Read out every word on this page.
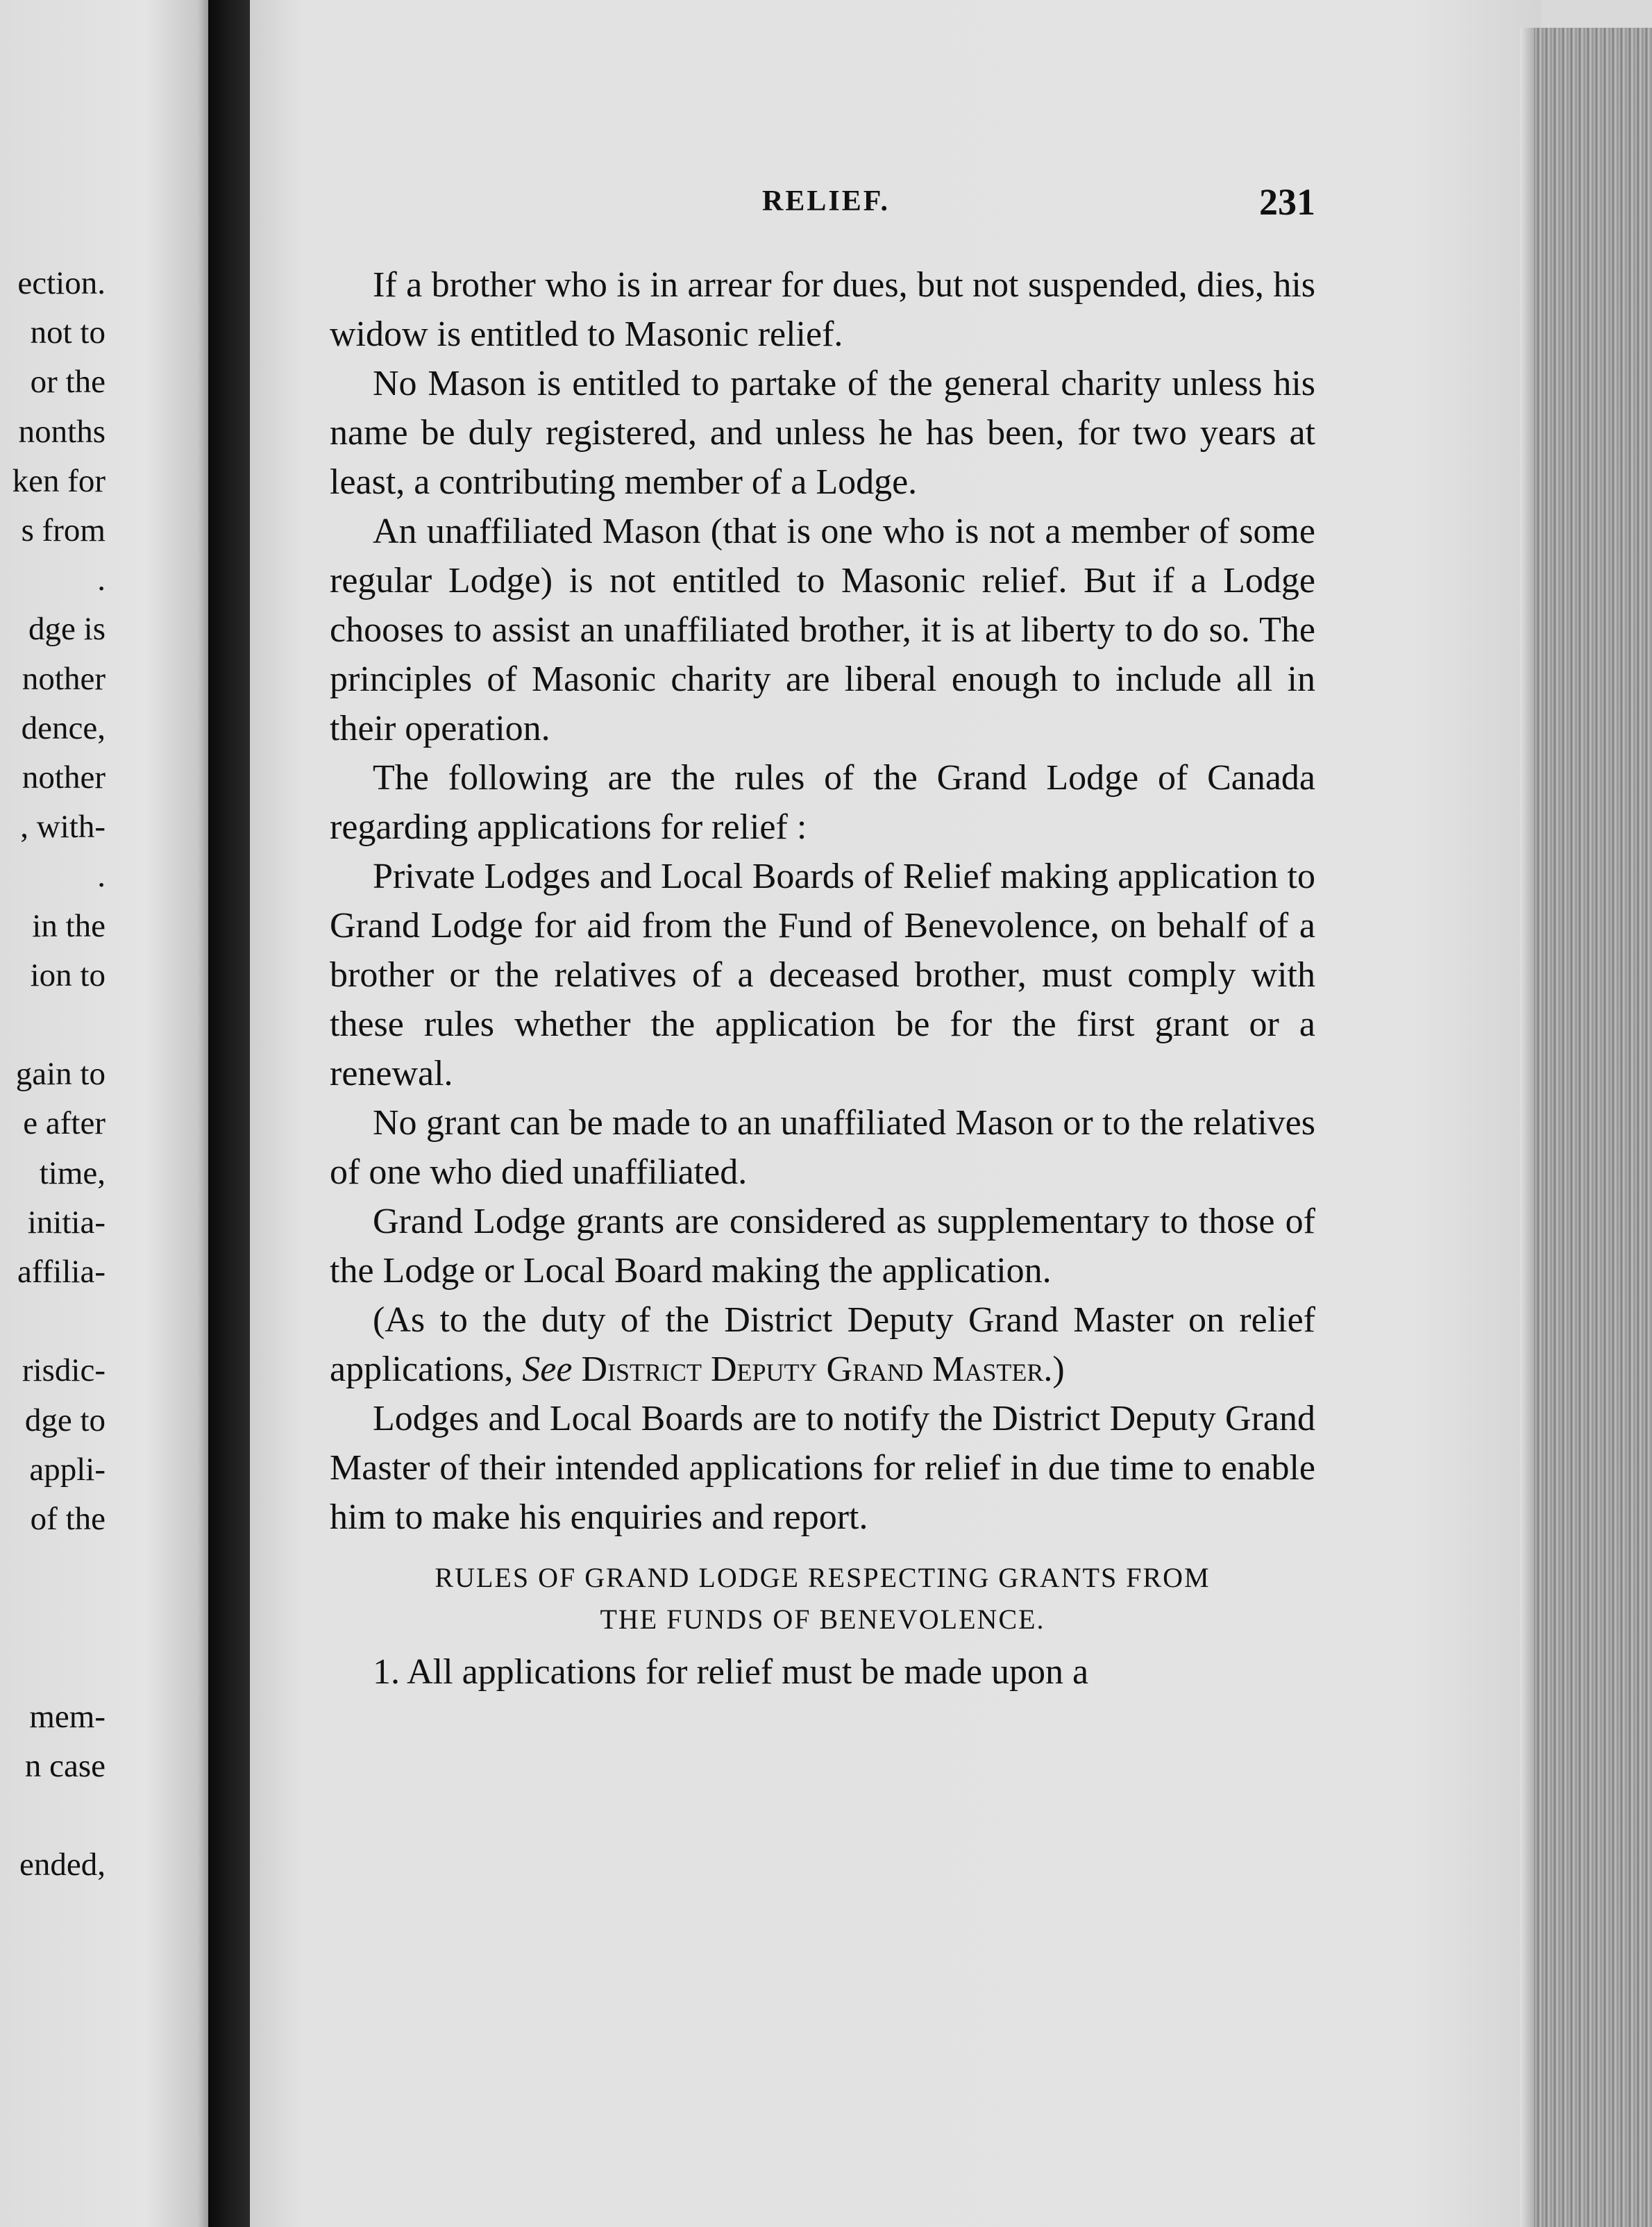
ection.
not to
or the
nonths
ken for
s from
.
dge is
nother
dence,
nother
, with-
.
in the
ion to
gain to
e after
time,
initia-
affilia-
risdic-
dge to
appli-
of the
mem-
n case
ended,
RELIEF.	231

If a brother who is in arrear for dues, but not suspended, dies, his widow is entitled to Masonic relief.

No Mason is entitled to partake of the general charity unless his name be duly registered, and unless he has been, for two years at least, a contributing member of a Lodge.

An unaffiliated Mason (that is one who is not a member of some regular Lodge) is not entitled to Masonic relief. But if a Lodge chooses to assist an unaffiliated brother, it is at liberty to do so. The principles of Masonic charity are liberal enough to include all in their operation.

The following are the rules of the Grand Lodge of Canada regarding applications for relief :

Private Lodges and Local Boards of Relief making application to Grand Lodge for aid from the Fund of Benevolence, on behalf of a brother or the relatives of a deceased brother, must comply with these rules whether the application be for the first grant or a renewal.

No grant can be made to an unaffiliated Mason or to the relatives of one who died unaffiliated.

Grand Lodge grants are considered as supplementary to those of the Lodge or Local Board making the application.

(As to the duty of the District Deputy Grand Master on relief applications, See District Deputy Grand Master.)

Lodges and Local Boards are to notify the District Deputy Grand Master of their intended applications for relief in due time to enable him to make his enquiries and report.

RULES OF GRAND LODGE RESPECTING GRANTS FROM
THE FUNDS OF BENEVOLENCE.

1. All applications for relief must be made upon a
